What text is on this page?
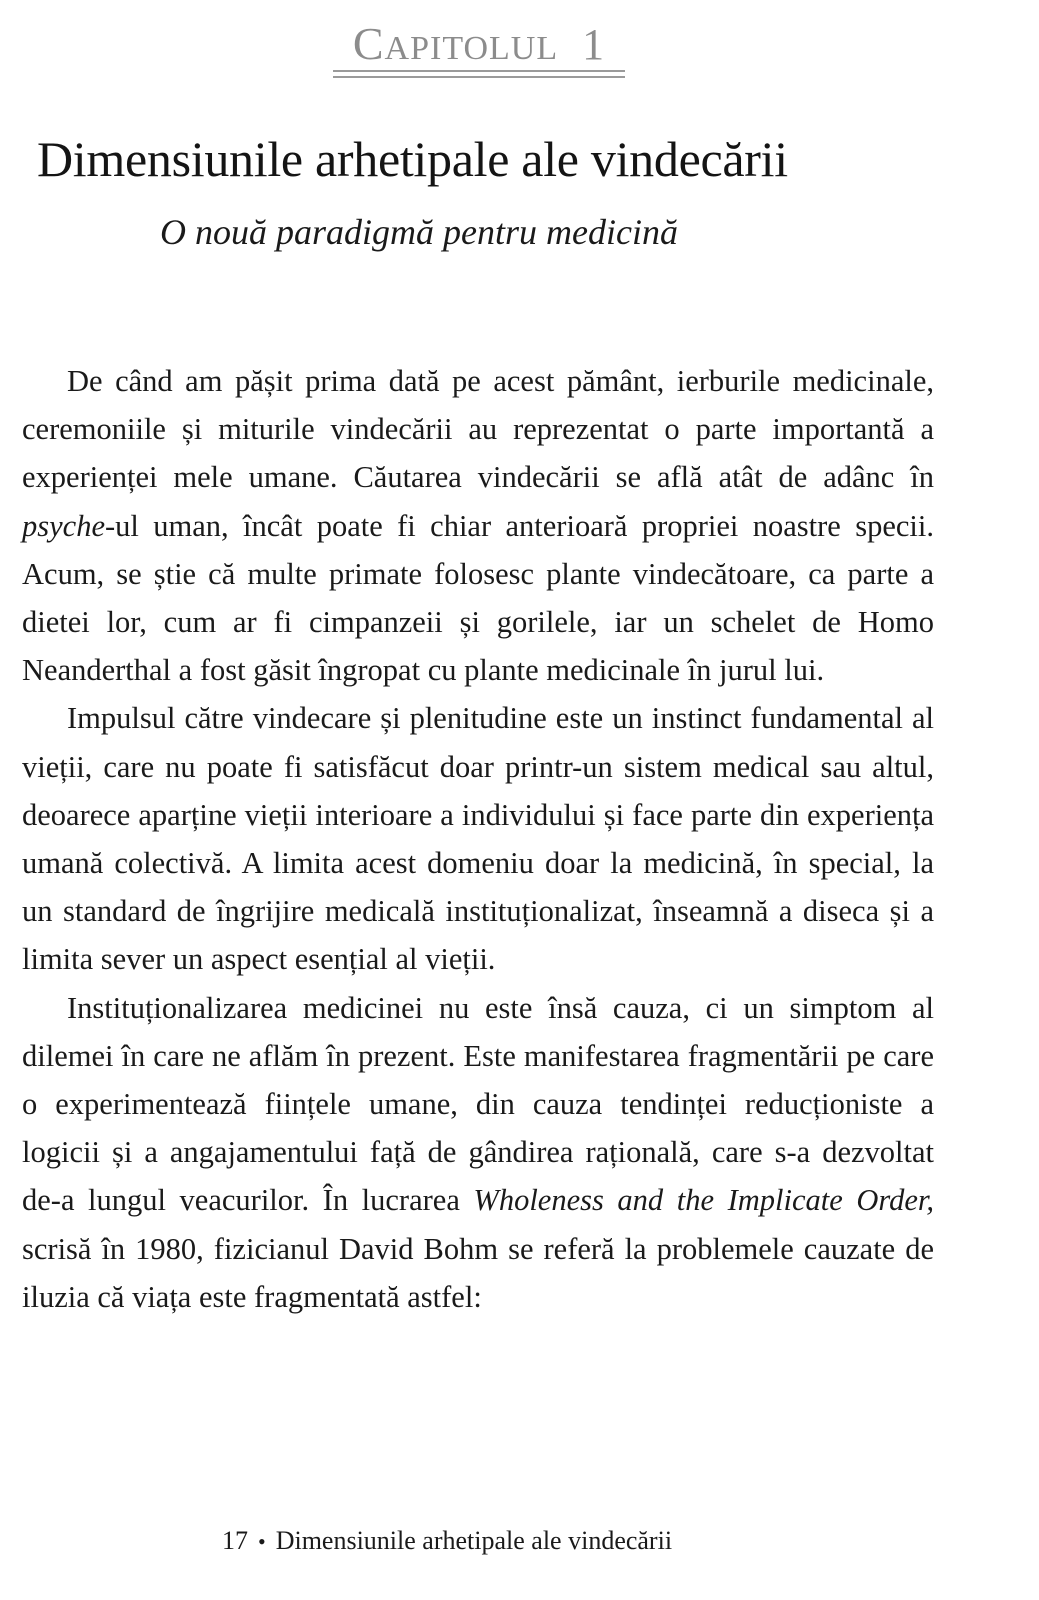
CAPITOLUL 1
Dimensiunile arhetipale ale vindecării
O nouă paradigmă pentru medicină

De când am pășit prima dată pe acest pământ, ierburile medicinale, ceremoniile și miturile vindecării au reprezentat o parte importantă a experienței mele umane. Căutarea vindecării se află atât de adânc în psyche-ul uman, încât poate fi chiar anterioară propriei noastre specii. Acum, se știe că multe primate folosesc plante vindecătoare, ca parte a dietei lor, cum ar fi cimpanzeii și gorilele, iar un schelet de Homo Neanderthal a fost găsit îngropat cu plante medicinale în jurul lui.

Impulsul către vindecare și plenitudine este un instinct fundamental al vieții, care nu poate fi satisfăcut doar printr-un sistem medical sau altul, deoarece aparține vieții interioare a individului și face parte din experiența umană colectivă. A limita acest domeniu doar la medicină, în special, la un standard de îngrijire medicală instituționalizat, înseamnă a diseca și a limita sever un aspect esențial al vieții.

Instituționalizarea medicinei nu este însă cauza, ci un simptom al dilemei în care ne aflăm în prezent. Este manifestarea fragmentării pe care o experimentează ființele umane, din cauza tendinței reducționiste a logicii și a angajamentului față de gândirea rațională, care s-a dezvoltat de-a lungul veacurilor. În lucrarea Wholeness and the Implicate Order, scrisă în 1980, fizicianul David Bohm se referă la problemele cauzate de iluzia că viața este fragmentată astfel:

17 • Dimensiunile arhetipale ale vindecării
